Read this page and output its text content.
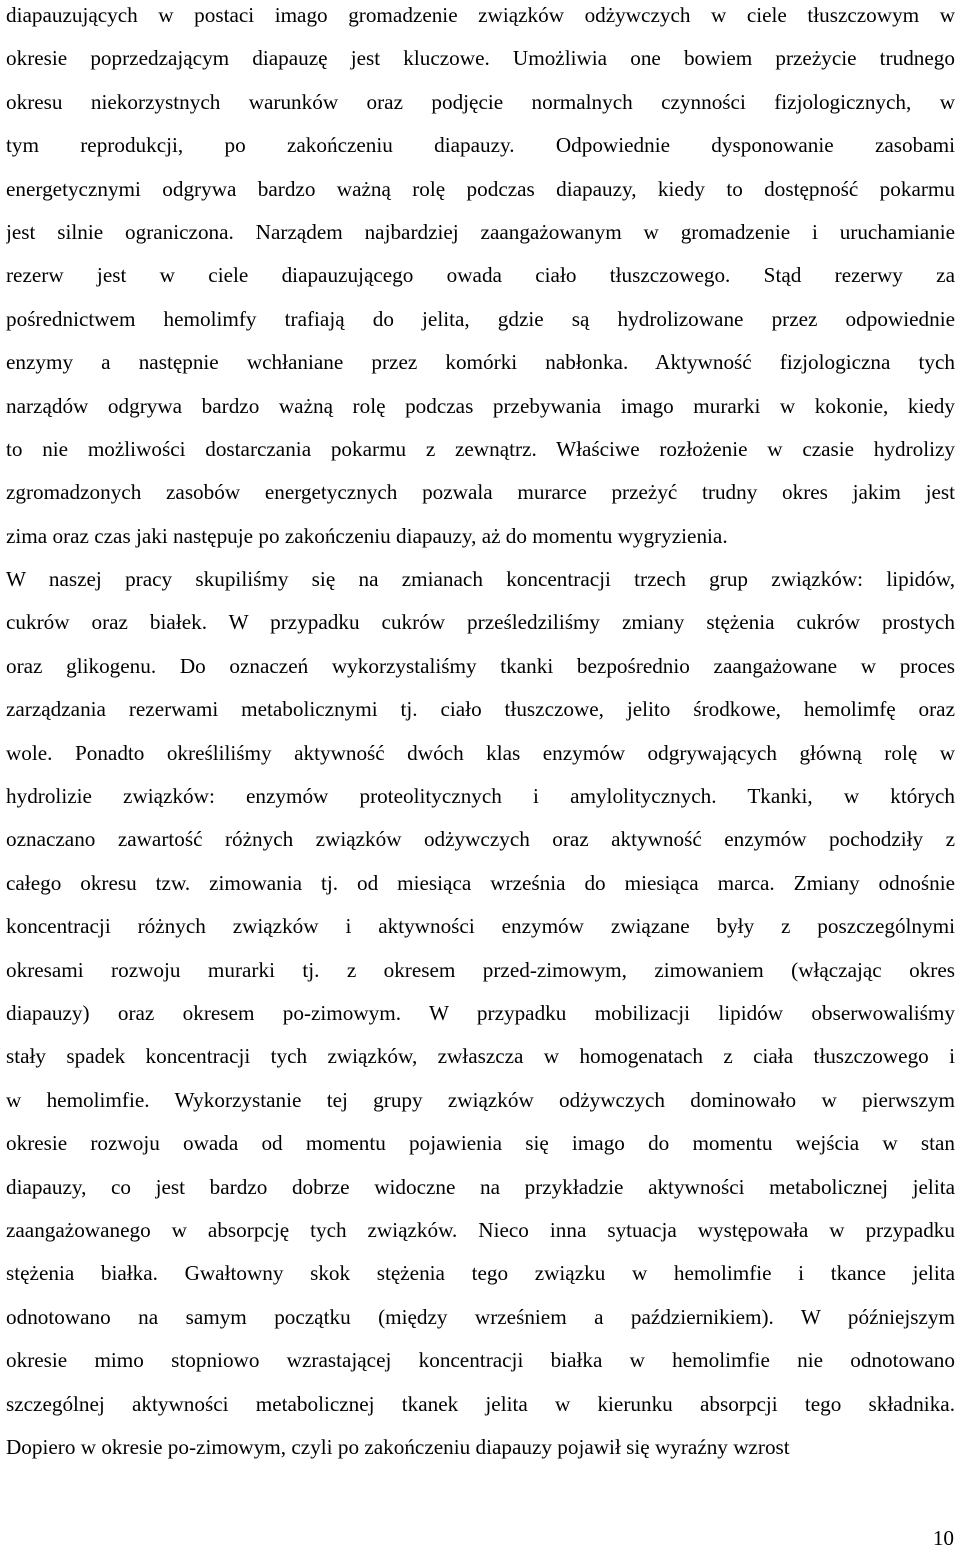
diapauzujących w postaci imago gromadzenie związków odżywczych w ciele tłuszczowym w
okresie poprzedzającym diapauzę jest kluczowe. Umożliwia one bowiem przeżycie trudnego
okresu niekorzystnych warunków oraz podjęcie normalnych czynności fizjologicznych, w
tym reprodukcji, po zakończeniu diapauzy. Odpowiednie dysponowanie zasobami
energetycznymi odgrywa bardzo ważną rolę podczas diapauzy, kiedy to dostępność pokarmu
jest silnie ograniczona. Narządem najbardziej zaangażowanym w gromadzenie i uruchamianie
rezerw jest w ciele diapauzującego owada ciało tłuszczowego. Stąd rezerwy za
pośrednictwem hemolimfy trafiają do jelita, gdzie są hydrolizowane przez odpowiednie
enzymy a następnie wchłaniane przez komórki nabłonka. Aktywność fizjologiczna tych
narządów odgrywa bardzo ważną rolę podczas przebywania imago murarki w kokonie, kiedy
to nie możliwości dostarczania pokarmu z zewnątrz. Właściwe rozłożenie w czasie hydrolizy
zgromadzonych zasobów energetycznych pozwala murarce przeżyć trudny okres jakim jest
zima oraz czas jaki następuje po zakończeniu diapauzy, aż do momentu wygryzienia.
W naszej pracy skupiliśmy się na zmianach koncentracji trzech grup związków: lipidów,
cukrów oraz białek. W przypadku cukrów prześledziliśmy zmiany stężenia cukrów prostych
oraz glikogenu. Do oznaczeń wykorzystaliśmy tkanki bezpośrednio zaangażowane w proces
zarządzania rezerwami metabolicznymi tj. ciało tłuszczowe, jelito środkowe, hemolimfę oraz
wole. Ponadto określiliśmy aktywność dwóch klas enzymów odgrywających główną rolę w
hydrolizie związków: enzymów proteolitycznych i amylolitycznych. Tkanki, w których
oznaczano zawartość różnych związków odżywczych oraz aktywność enzymów pochodziły z
całego okresu tzw. zimowania tj. od miesiąca września do miesiąca marca. Zmiany odnośnie
koncentracji różnych związków i aktywności enzymów związane były z poszczególnymi
okresami rozwoju murarki tj. z okresem przed-zimowym, zimowaniem (włączając okres
diapauzy) oraz okresem po-zimowym. W przypadku mobilizacji lipidów obserwowaliśmy
stały spadek koncentracji tych związków, zwłaszcza w homogenatach z ciała tłuszczowego i
w hemolimfie. Wykorzystanie tej grupy związków odżywczych dominowało w pierwszym
okresie rozwoju owada od momentu pojawienia się imago do momentu wejścia w stan
diapauzy, co jest bardzo dobrze widoczne na przykładzie aktywności metabolicznej jelita
zaangażowanego w absorpcję tych związków. Nieco inna sytuacja występowała w przypadku
stężenia białka. Gwałtowny skok stężenia tego związku w hemolimfie i tkance jelita
odnotowano na samym początku (między wrześniem a październikiem). W późniejszym
okresie mimo stopniowo wzrastającej koncentracji białka w hemolimfie nie odnotowano
szczególnej aktywności metabolicznej tkanek jelita w kierunku absorpcji tego składnika.
Dopiero w okresie po-zimowym, czyli po zakończeniu diapauzy pojawił się wyraźny wzrost
10
